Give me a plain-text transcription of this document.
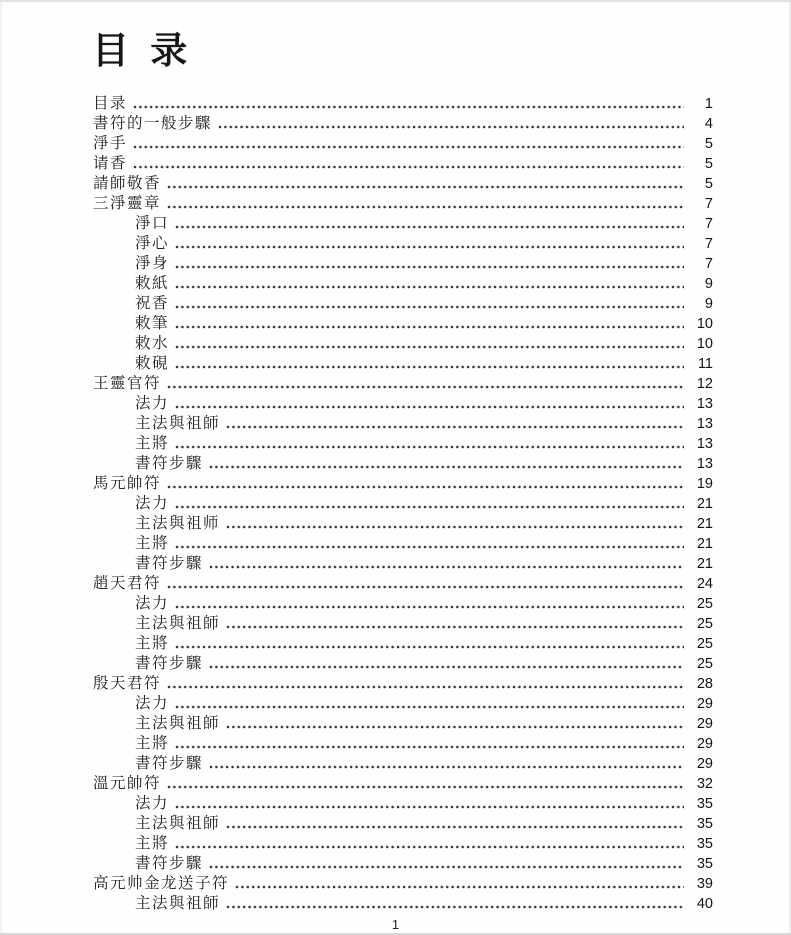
目 录
目录	1
書符的一般步驟	4
淨手	5
请香	5
請師敬香	5
三淨靈章	7
淨口	7
淨心	7
淨身	7
敕紙	9
祝香	9
敕筆	10
敕水	10
敕硯	11
王靈官符	12
法力	13
主法與祖師	13
主將	13
書符步驟	13
馬元帥符	19
法力	21
主法與祖师	21
主將	21
書符步驟	21
趙天君符	24
法力	25
主法與祖師	25
主將	25
書符步驟	25
殷天君符	28
法力	29
主法與祖師	29
主將	29
書符步驟	29
溫元帥符	32
法力	35
主法與祖師	35
主將	35
書符步驟	35
高元帅金龙送子符	39
主法與祖師	40
1
